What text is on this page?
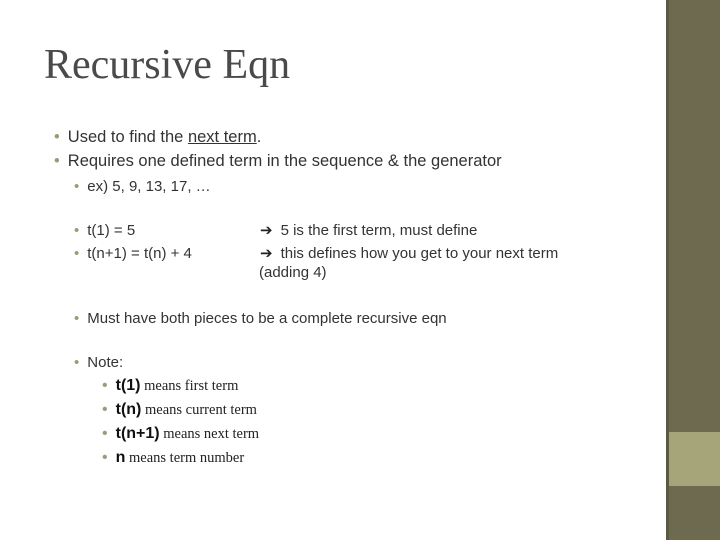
Recursive Eqn
• Used to find the next term.
• Requires one defined term in the sequence & the generator
• ex) 5, 9, 13, 17, …
• t(1) = 5
• t(n+1) = t(n) + 4
➔ 5 is the first term, must define
➔ this defines how you get to your next term
(adding 4)
• Must have both pieces to be a complete recursive eqn
• Note:
• t(1) means first term
• t(n) means current term
• t(n+1) means next term
• n means term number
